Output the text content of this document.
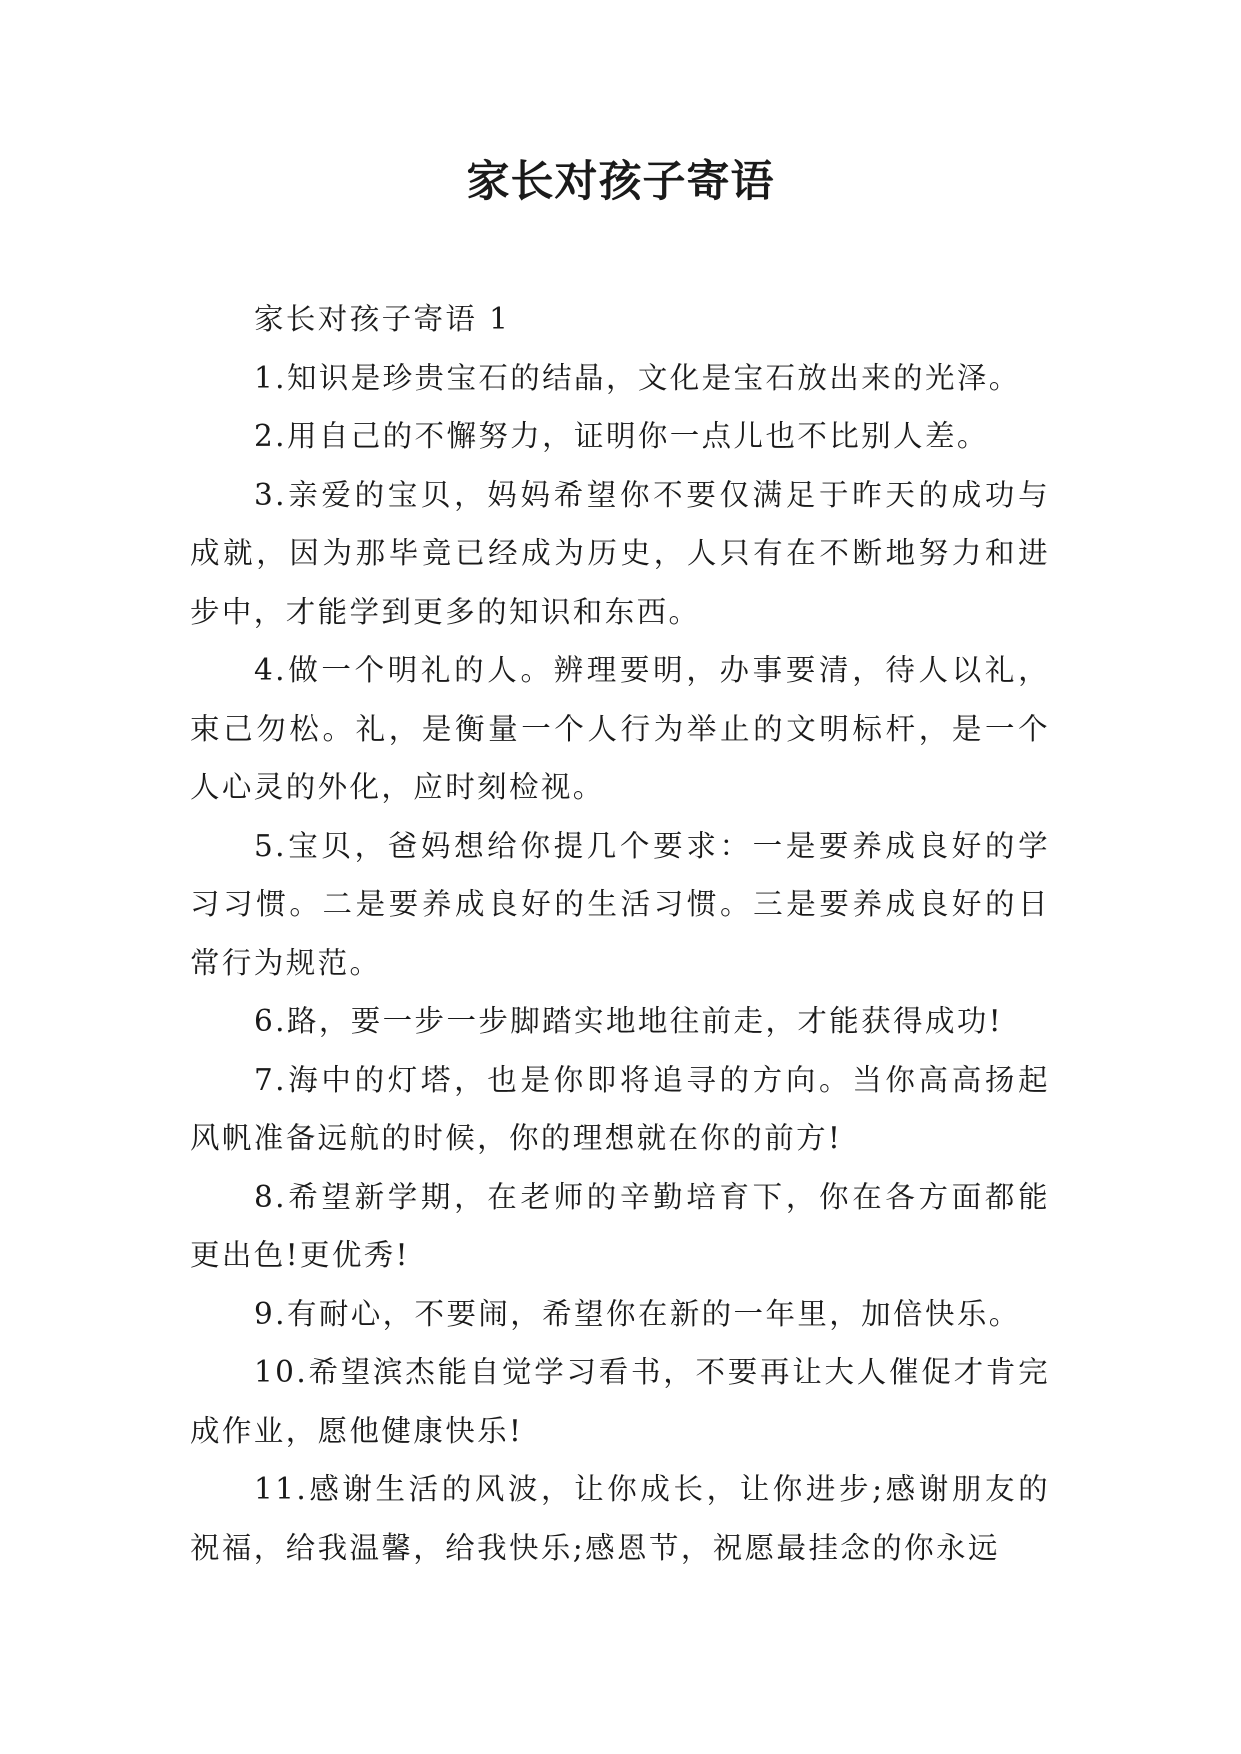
家长对孩子寄语

家长对孩子寄语 1

1.知识是珍贵宝石的结晶，文化是宝石放出来的光泽。

2.用自己的不懈努力，证明你一点儿也不比别人差。

3.亲爱的宝贝，妈妈希望你不要仅满足于昨天的成功与成就，因为那毕竟已经成为历史，人只有在不断地努力和进步中，才能学到更多的知识和东西。

4.做一个明礼的人。辨理要明，办事要清，待人以礼，束己勿松。礼，是衡量一个人行为举止的文明标杆，是一个人心灵的外化，应时刻检视。

5.宝贝，爸妈想给你提几个要求：一是要养成良好的学习习惯。二是要养成良好的生活习惯。三是要养成良好的日常行为规范。

6.路，要一步一步脚踏实地地往前走，才能获得成功!

7.海中的灯塔，也是你即将追寻的方向。当你高高扬起风帆准备远航的时候，你的理想就在你的前方!

8.希望新学期，在老师的辛勤培育下，你在各方面都能更出色!更优秀!

9.有耐心，不要闹，希望你在新的一年里，加倍快乐。

10.希望滨杰能自觉学习看书，不要再让大人催促才肯完成作业，愿他健康快乐!

11.感谢生活的风波，让你成长，让你进步;感谢朋友的祝福，给我温馨，给我快乐;感恩节，祝愿最挂念的你永远
